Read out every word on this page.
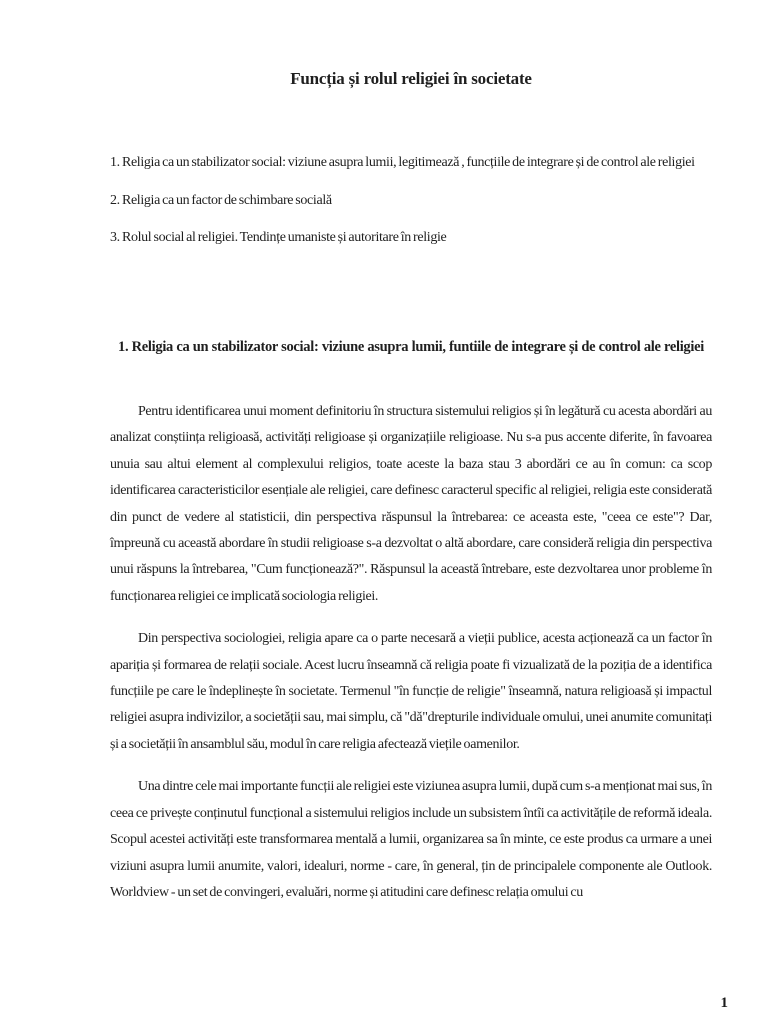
Funcția și rolul religiei în societate
1. Religia ca un stabilizator social: viziune asupra lumii, legitimează , funcțiile de integrare și de control ale religiei
2. Religia ca un factor de schimbare socială
3. Rolul social al religiei. Tendințe umaniste și autoritare în religie
1. Religia ca un stabilizator social: viziune asupra lumii, funtiile de integrare și de control ale religiei

Pentru identificarea unui moment definitoriu în structura sistemului religios și în legătură cu acesta abordări au analizat conștiința religioasă, activități religioase și organizațiile religioase. Nu s-a pus accente diferite, în favoarea unuia sau altui element al complexului religios, toate aceste la baza stau 3 abordări ce au în comun: ca scop identificarea caracteristicilor esențiale ale religiei, care definesc caracterul specific al religiei, religia este considerată din punct de vedere al statisticii, din perspectiva răspunsul la întrebarea: ce aceasta este, "ceea ce este"? Dar, împreună cu această abordare în studii religioase s-a dezvoltat o altă abordare, care consideră religia din perspectiva unui răspuns la întrebarea, "Cum funcționează?". Răspunsul la această întrebare, este dezvoltarea unor probleme în funcționarea religiei ce implicată sociologia religiei.

Din perspectiva sociologiei, religia apare ca o parte necesară a vieții publice, acesta acționează ca un factor în apariția și formarea de relații sociale. Acest lucru înseamnă că religia poate fi vizualizată de la poziția de a identifica funcțiile pe care le îndeplinește în societate. Termenul "în funcție de religie" înseamnă, natura religioasă și impactul religiei asupra indivizilor, a societății sau, mai simplu, că "dă"drepturile individuale omului, unei anumite comunitați și a societății în ansamblul său, modul în care religia afectează viețile oamenilor.

Una dintre cele mai importante funcții ale religiei este viziunea asupra lumii, după cum s-a menționat mai sus, în ceea ce privește conținutul funcțional a sistemului religios include un subsistem întîi ca activitățile de reformă ideala. Scopul acestei activități este transformarea mentală a lumii, organizarea sa în minte, ce este produs ca urmare a unei viziuni asupra lumii anumite, valori, idealuri, norme - care, în general, țin de principalele componente ale Outlook. Worldview - un set de convingeri, evaluări, norme și atitudini care definesc relația omului cu

1
